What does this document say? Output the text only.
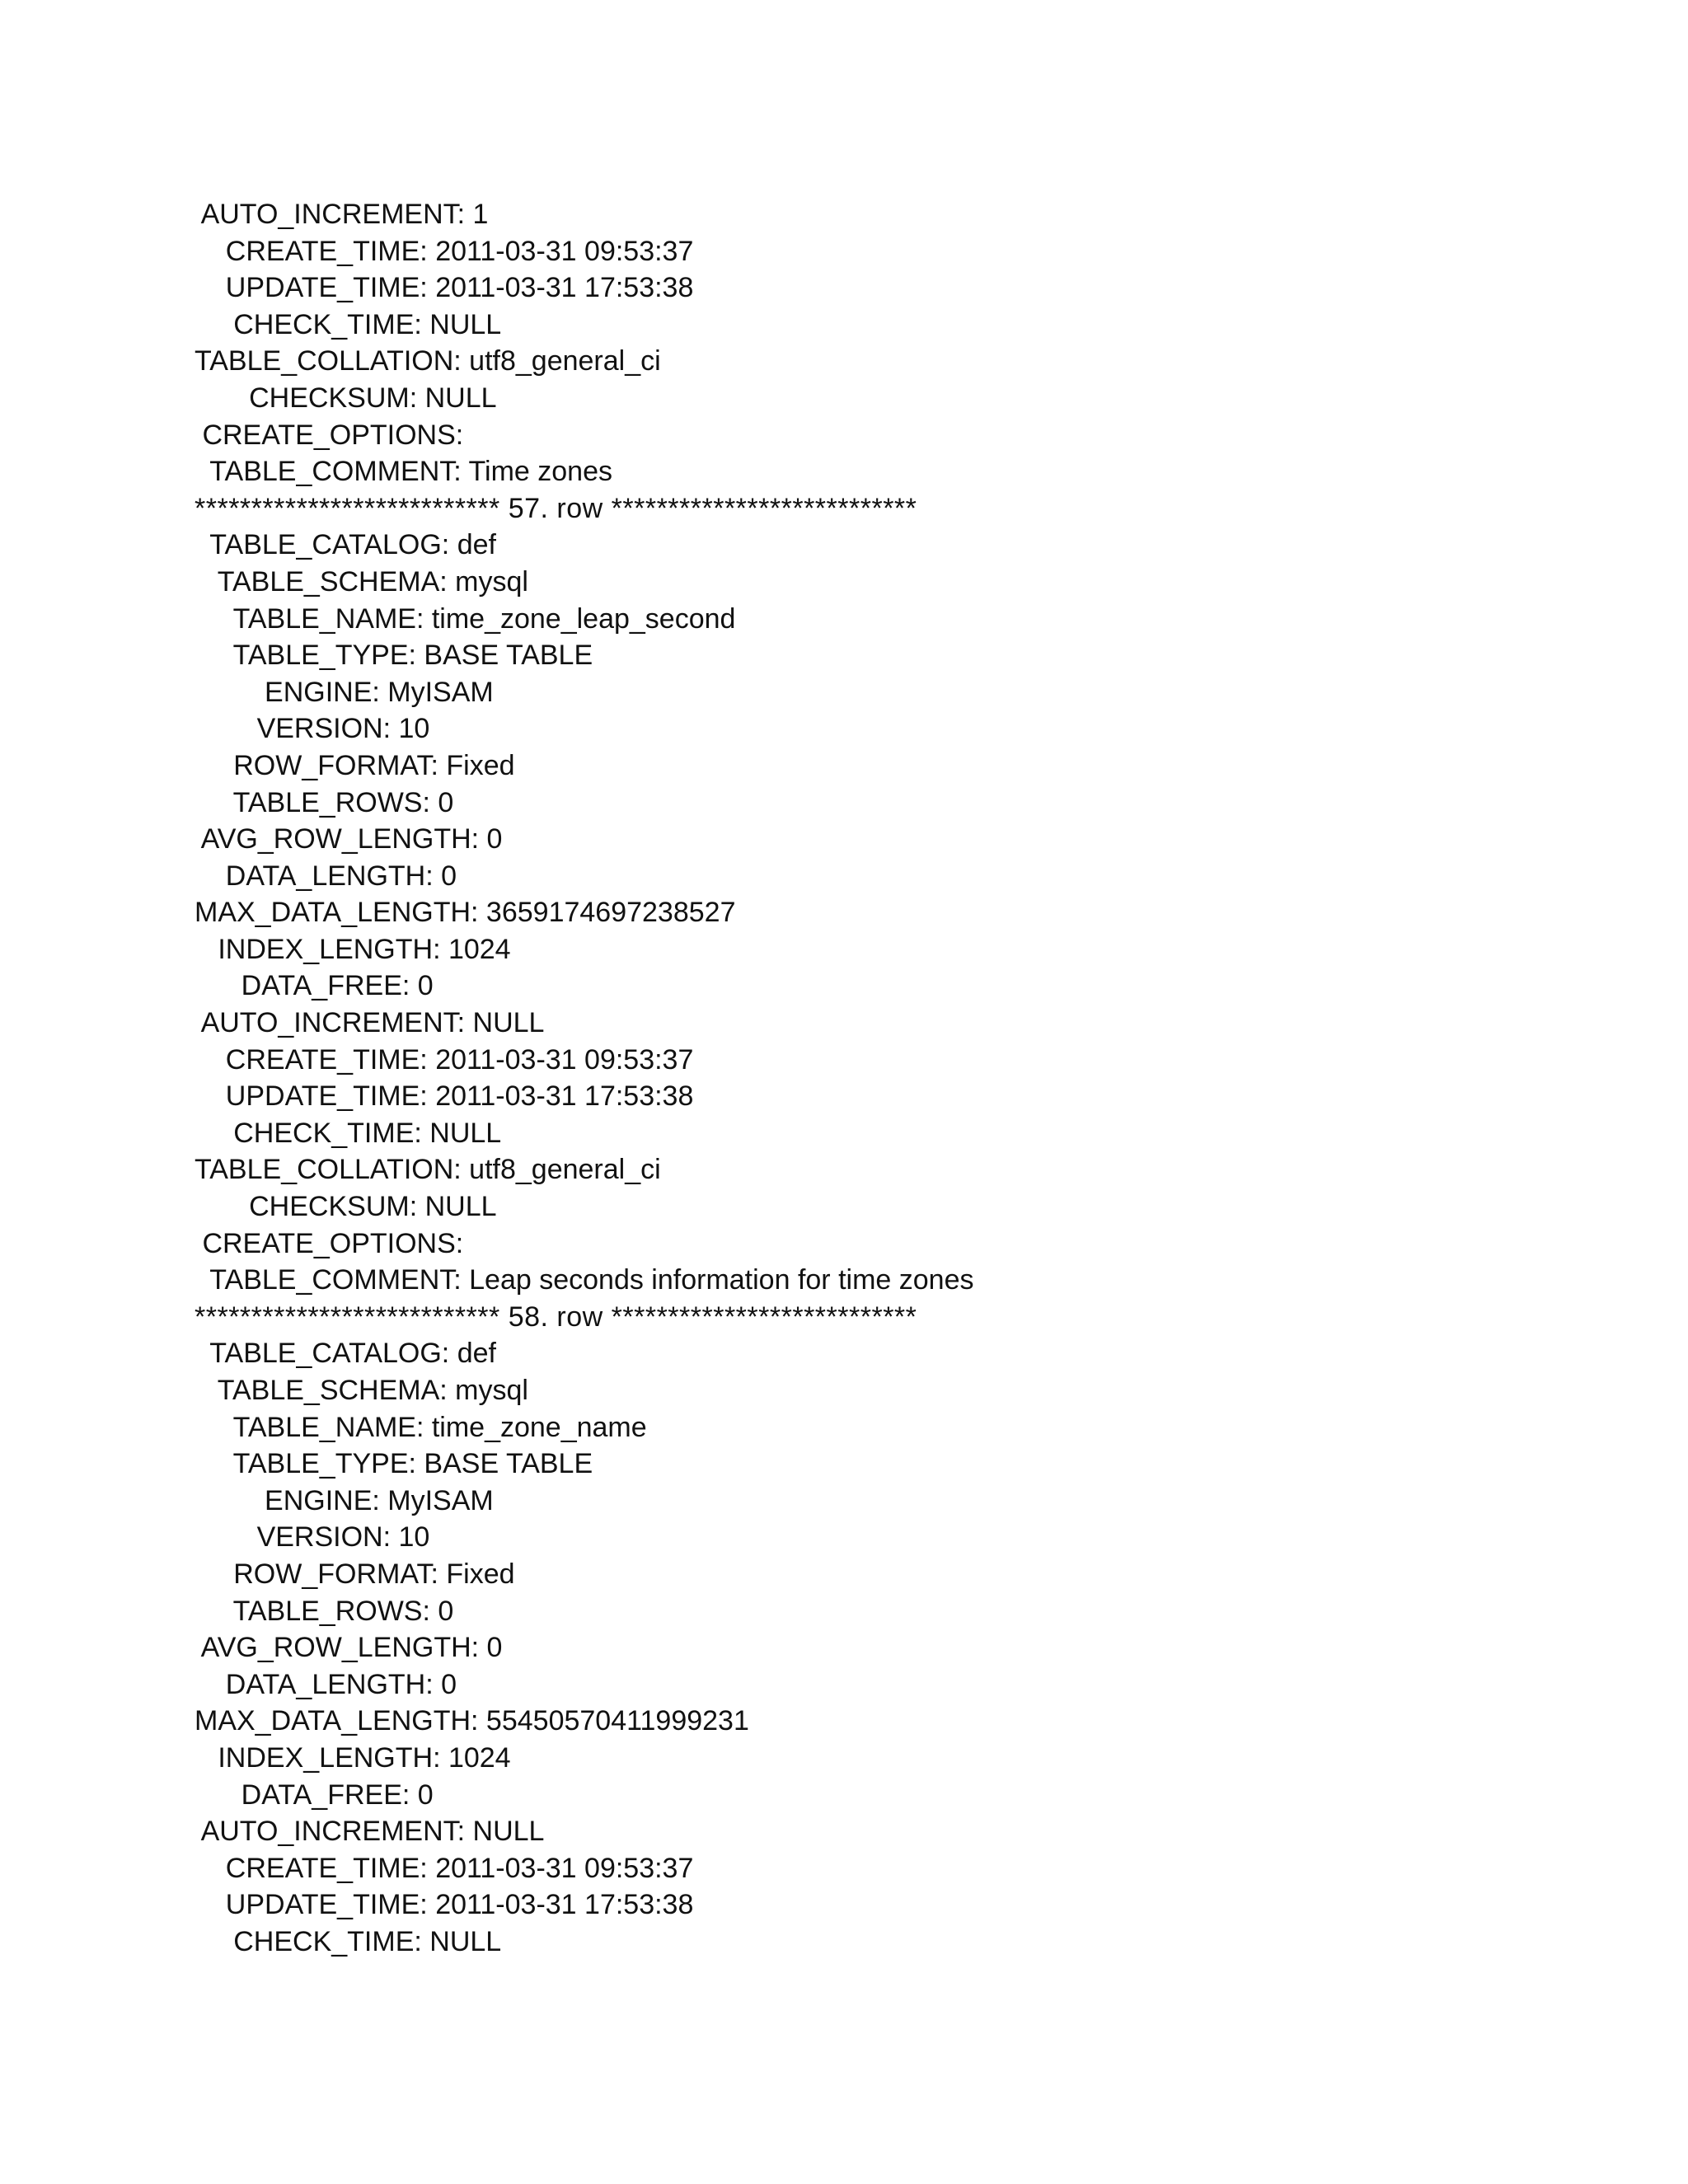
AUTO_INCREMENT: 1
CREATE_TIME: 2011-03-31 09:53:37
UPDATE_TIME: 2011-03-31 17:53:38
CHECK_TIME: NULL
TABLE_COLLATION: utf8_general_ci
CHECKSUM: NULL
CREATE_OPTIONS:
TABLE_COMMENT: Time zones
*************************** 57. row ***************************
TABLE_CATALOG: def
TABLE_SCHEMA: mysql
TABLE_NAME: time_zone_leap_second
TABLE_TYPE: BASE TABLE
ENGINE: MyISAM
VERSION: 10
ROW_FORMAT: Fixed
TABLE_ROWS: 0
AVG_ROW_LENGTH: 0
DATA_LENGTH: 0
MAX_DATA_LENGTH: 3659174697238527
INDEX_LENGTH: 1024
DATA_FREE: 0
AUTO_INCREMENT: NULL
CREATE_TIME: 2011-03-31 09:53:37
UPDATE_TIME: 2011-03-31 17:53:38
CHECK_TIME: NULL
TABLE_COLLATION: utf8_general_ci
CHECKSUM: NULL
CREATE_OPTIONS:
TABLE_COMMENT: Leap seconds information for time zones
*************************** 58. row ***************************
TABLE_CATALOG: def
TABLE_SCHEMA: mysql
TABLE_NAME: time_zone_name
TABLE_TYPE: BASE TABLE
ENGINE: MyISAM
VERSION: 10
ROW_FORMAT: Fixed
TABLE_ROWS: 0
AVG_ROW_LENGTH: 0
DATA_LENGTH: 0
MAX_DATA_LENGTH: 55450570411999231
INDEX_LENGTH: 1024
DATA_FREE: 0
AUTO_INCREMENT: NULL
CREATE_TIME: 2011-03-31 09:53:37
UPDATE_TIME: 2011-03-31 17:53:38
CHECK_TIME: NULL
